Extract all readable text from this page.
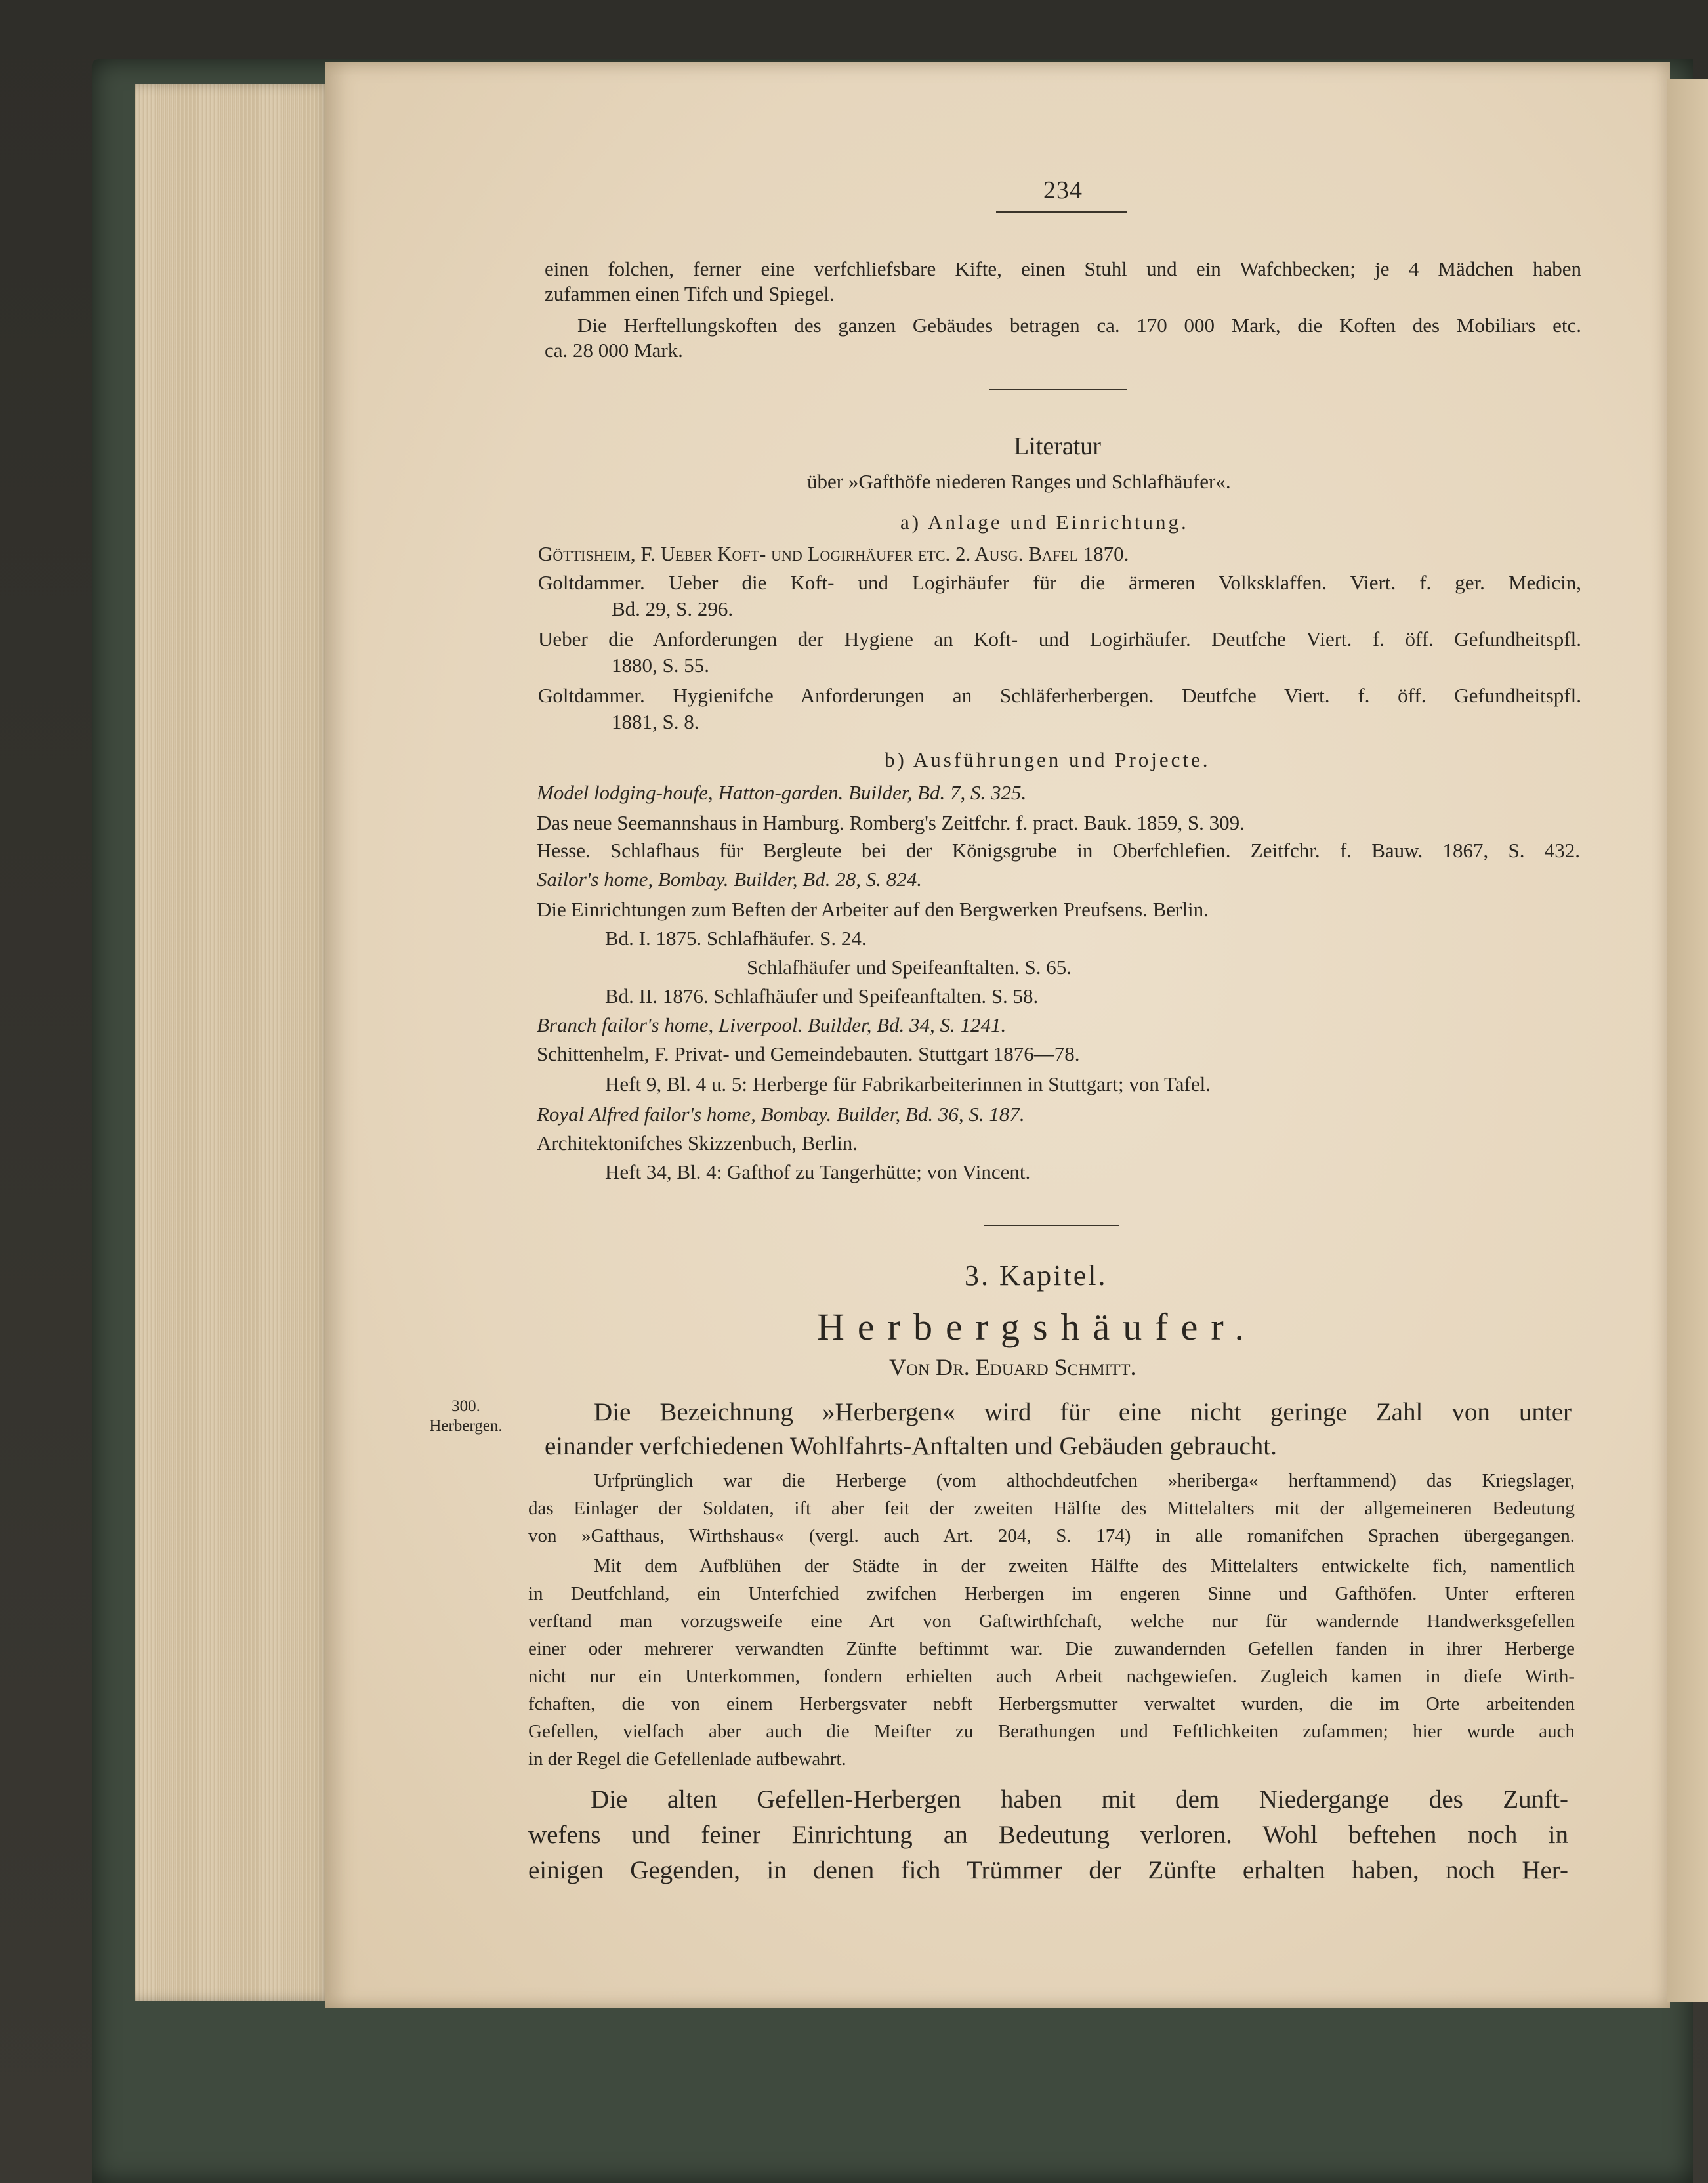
234
einen folchen, ferner eine verfchliefsbare Kifte, einen Stuhl und ein Wafchbecken; je 4 Mädchen haben
zufammen einen Tifch und Spiegel.
Die Herftellungskoften des ganzen Gebäudes betragen ca. 170 000 Mark, die Koften des Mobiliars etc.
ca. 28 000 Mark.
Literatur
über »Gafthöfe niederen Ranges und Schlafhäufer«.
a) Anlage und Einrichtung.
Göttisheim, F. Ueber Koft- und Logirhäufer etc. 2. Ausg. Bafel 1870.
Goltdammer. Ueber die Koft- und Logirhäufer für die ärmeren Volksklaffen. Viert. f. ger. Medicin,
Bd. 29, S. 296.
Ueber die Anforderungen der Hygiene an Koft- und Logirhäufer. Deutfche Viert. f. öff. Gefundheitspfl.
1880, S. 55.
Goltdammer. Hygienifche Anforderungen an Schläferherbergen. Deutfche Viert. f. öff. Gefundheitspfl.
1881, S. 8.
b) Ausführungen und Projecte.
Model lodging-houfe, Hatton-garden. Builder, Bd. 7, S. 325.
Das neue Seemannshaus in Hamburg. Romberg's Zeitfchr. f. pract. Bauk. 1859, S. 309.
Hesse. Schlafhaus für Bergleute bei der Königsgrube in Oberfchlefien. Zeitfchr. f. Bauw. 1867, S. 432.
Sailor's home, Bombay. Builder, Bd. 28, S. 824.
Die Einrichtungen zum Beften der Arbeiter auf den Bergwerken Preufsens. Berlin.
Bd. I. 1875. Schlafhäufer. S. 24.
Schlafhäufer und Speifeanftalten. S. 65.
Bd. II. 1876. Schlafhäufer und Speifeanftalten. S. 58.
Branch failor's home, Liverpool. Builder, Bd. 34, S. 1241.
Schittenhelm, F. Privat- und Gemeindebauten. Stuttgart 1876—78.
Heft 9, Bl. 4 u. 5: Herberge für Fabrikarbeiterinnen in Stuttgart; von Tafel.
Royal Alfred failor's home, Bombay. Builder, Bd. 36, S. 187.
Architektonifches Skizzenbuch, Berlin.
Heft 34, Bl. 4: Gafthof zu Tangerhütte; von Vincent.
3. Kapitel.
Herbergshäufer.
Von Dr. Eduard Schmitt.
300.
Herbergen.	Die Bezeichnung »Herbergen« wird für eine nicht geringe Zahl von unter
einander verfchiedenen Wohlfahrts-Anftalten und Gebäuden gebraucht.
Urfprünglich war die Herberge (vom althochdeutfchen »heriberga« herftammend) das Kriegslager,
das Einlager der Soldaten, ift aber feit der zweiten Hälfte des Mittelalters mit der allgemeineren Bedeutung
von »Gafthaus, Wirthshaus« (vergl. auch Art. 204, S. 174) in alle romanifchen Sprachen übergegangen.
Mit dem Aufblühen der Städte in der zweiten Hälfte des Mittelalters entwickelte fich, namentlich
in Deutfchland, ein Unterfchied zwifchen Herbergen im engeren Sinne und Gafthöfen. Unter erfteren
verftand man vorzugsweife eine Art von Gaftwirthfchaft, welche nur für wandernde Handwerksgefellen
einer oder mehrerer verwandten Zünfte beftimmt war. Die zuwandernden Gefellen fanden in ihrer Herberge
nicht nur ein Unterkommen, fondern erhielten auch Arbeit nachgewiefen. Zugleich kamen in diefe Wirth-
fchaften, die von einem Herbergsvater nebft Herbergsmutter verwaltet wurden, die im Orte arbeitenden
Gefellen, vielfach aber auch die Meifter zu Berathungen und Feftlichkeiten zufammen; hier wurde auch
in der Regel die Gefellenlade aufbewahrt.
Die alten Gefellen-Herbergen haben mit dem Niedergange des Zunft-
wefens und feiner Einrichtung an Bedeutung verloren. Wohl beftehen noch in
einigen Gegenden, in denen fich Trümmer der Zünfte erhalten haben, noch Her-
